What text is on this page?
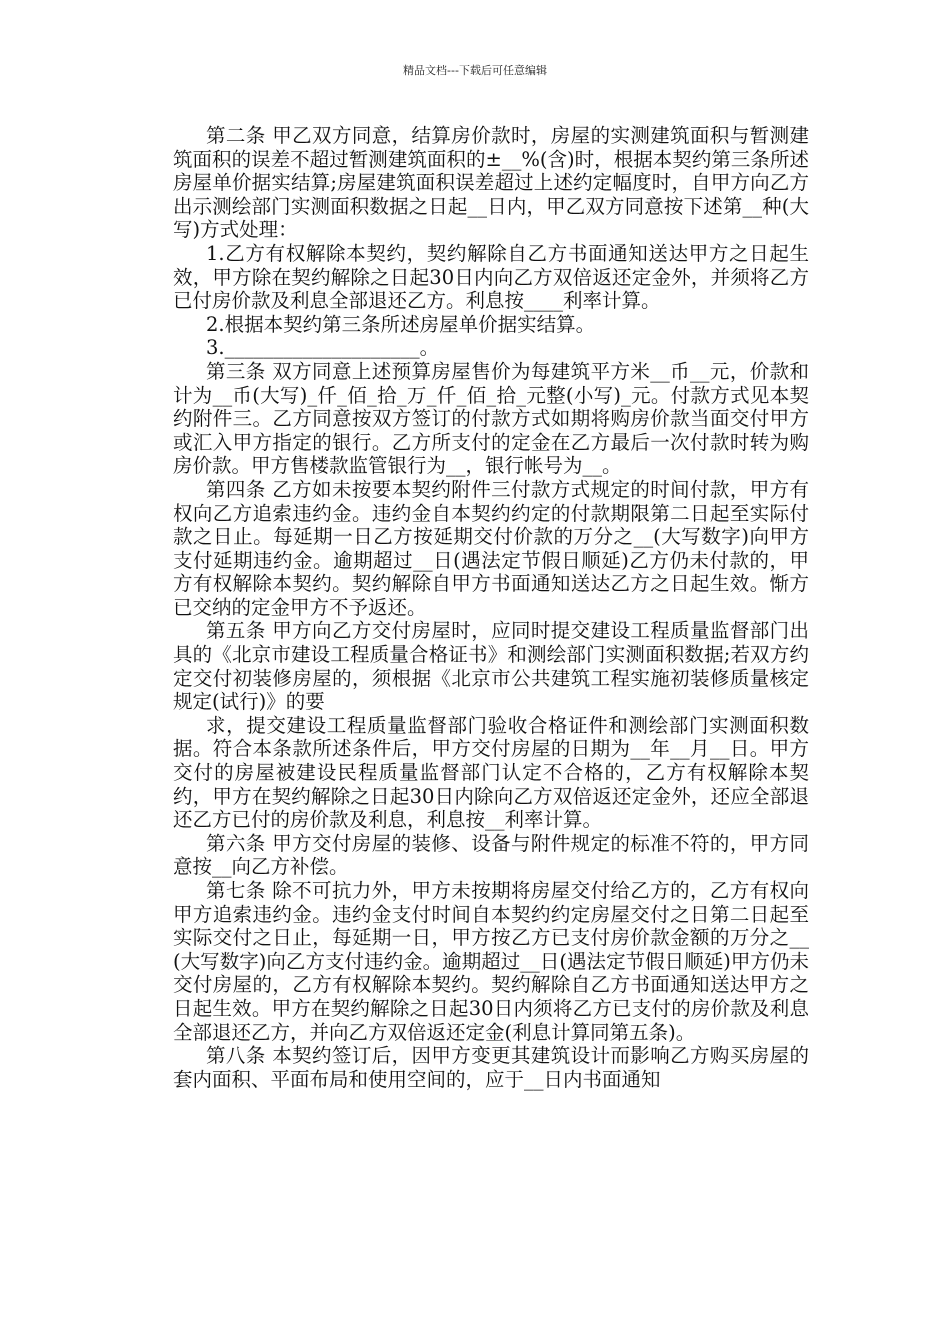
精品文档---下载后可任意编辑

第二条 甲乙双方同意，结算房价款时，房屋的实测建筑面积与暂测建筑面积的误差不超过暂测建筑面积的±__%(含)时，根据本契约第三条所述房屋单价据实结算;房屋建筑面积误差超过上述约定幅度时，自甲方向乙方出示测绘部门实测面积数据之日起__日内，甲乙双方同意按下述第__种(大写)方式处理：

1.乙方有权解除本契约，契约解除自乙方书面通知送达甲方之日起生效，甲方除在契约解除之日起30日内向乙方双倍返还定金外，并须将乙方已付房价款及利息全部退还乙方。利息按____利率计算。

2.根据本契约第三条所述房屋单价据实结算。

3.____________________。

第三条 双方同意上述预算房屋售价为每建筑平方米__币__元，价款和计为__币(大写)_仟_佰_拾_万_仟_佰_拾_元整(小写)_元。付款方式见本契约附件三。乙方同意按双方签订的付款方式如期将购房价款当面交付甲方或汇入甲方指定的银行。乙方所支付的定金在乙方最后一次付款时转为购房价款。甲方售楼款监管银行为__，银行帐号为__。

第四条 乙方如未按要本契约附件三付款方式规定的时间付款，甲方有权向乙方追索违约金。违约金自本契约约定的付款期限第二日起至实际付款之日止。每延期一日乙方按延期交付价款的万分之__(大写数字)向甲方支付延期违约金。逾期超过__日(遇法定节假日顺延)乙方仍未付款的，甲方有权解除本契约。契约解除自甲方书面通知送达乙方之日起生效。惭方已交纳的定金甲方不予返还。

第五条 甲方向乙方交付房屋时，应同时提交建设工程质量监督部门出具的《北京市建设工程质量合格证书》和测绘部门实测面积数据;若双方约定交付初装修房屋的，须根据《北京市公共建筑工程实施初装修质量核定规定(试行)》的要

求，提交建设工程质量监督部门验收合格证件和测绘部门实测面积数据。符合本条款所述条件后，甲方交付房屋的日期为__年__月__日。甲方交付的房屋被建设民程质量监督部门认定不合格的，乙方有权解除本契约，甲方在契约解除之日起30日内除向乙方双倍返还定金外，还应全部退还乙方已付的房价款及利息，利息按__利率计算。

第六条 甲方交付房屋的装修、设备与附件规定的标准不符的，甲方同意按__向乙方补偿。

第七条 除不可抗力外，甲方未按期将房屋交付给乙方的，乙方有权向甲方追索违约金。违约金支付时间自本契约约定房屋交付之日第二日起至实际交付之日止，每延期一日，甲方按乙方已支付房价款金额的万分之__(大写数字)向乙方支付违约金。逾期超过__日(遇法定节假日顺延)甲方仍未交付房屋的，乙方有权解除本契约。契约解除自乙方书面通知送达甲方之日起生效。甲方在契约解除之日起30日内须将乙方已支付的房价款及利息全部退还乙方，并向乙方双倍返还定金(利息计算同第五条)。

第八条 本契约签订后，因甲方变更其建筑设计而影响乙方购买房屋的套内面积、平面布局和使用空间的，应于__日内书面通知
